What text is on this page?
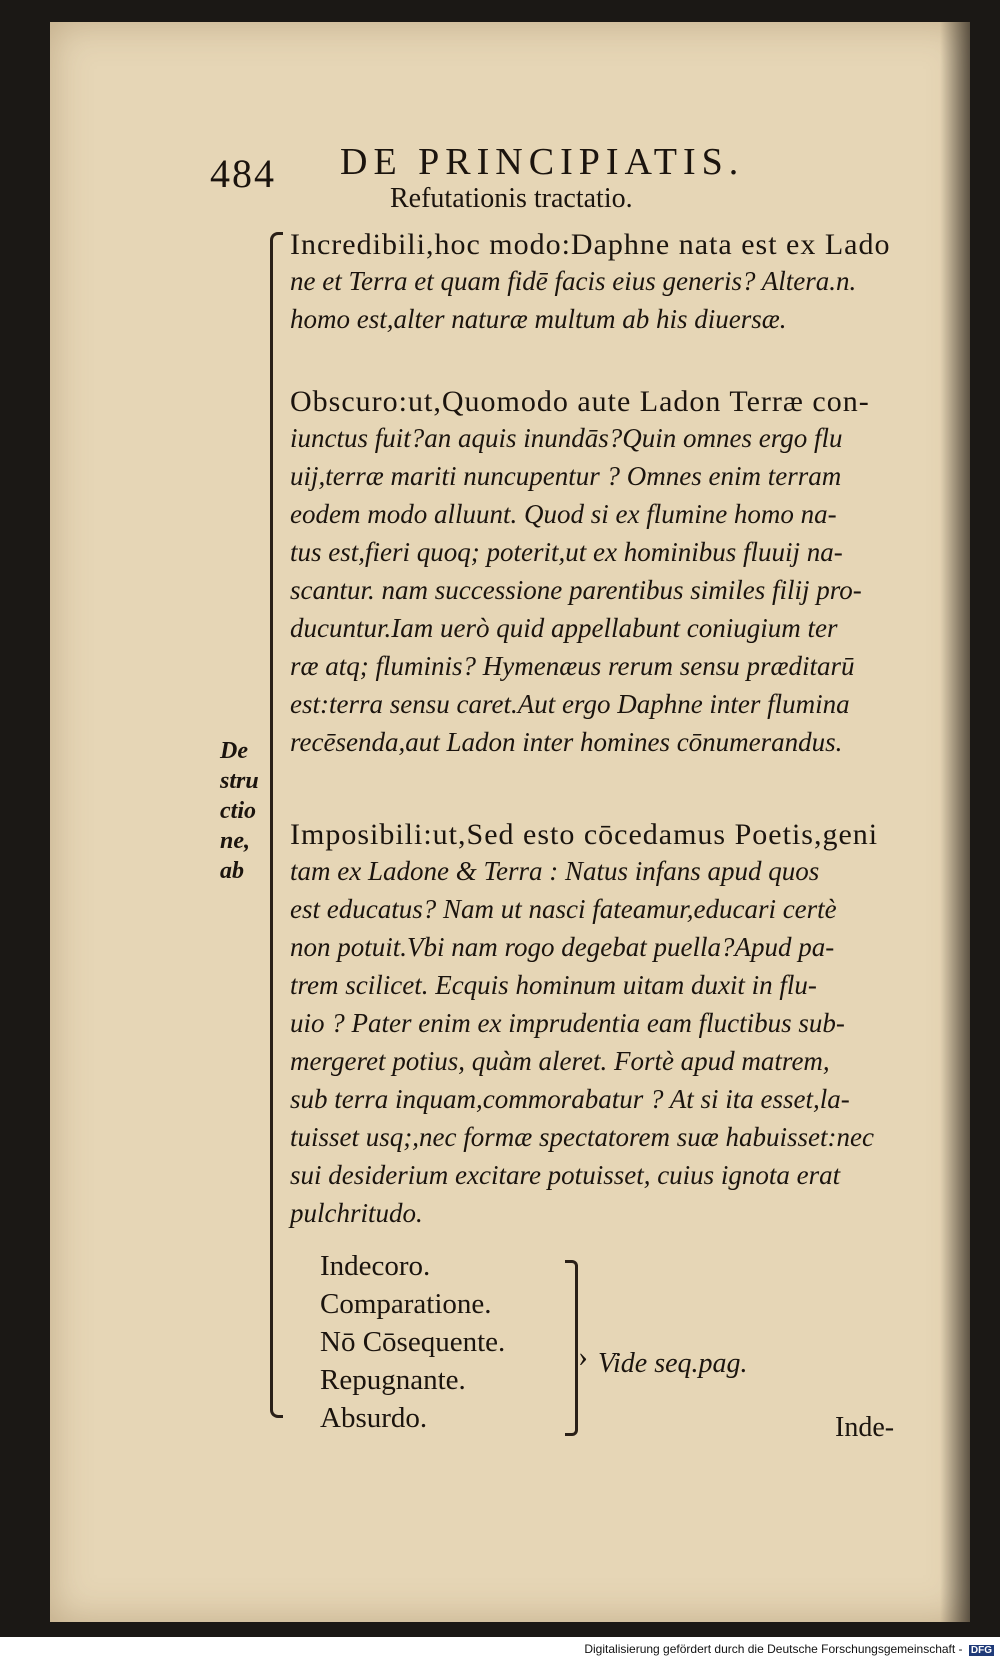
484 DE PRINCIPIATIS.
Refutationis tractatio.
Incredibili,hoc modo:Daphne nata est ex Lado
ne et Terra et quam fidē facis eius generis? Altera.n.
homo est,alter naturæ multum ab his diuersæ.
Obscuro:ut,Quomodo aute Ladon Terræ con-
iunctus fuit?an aquis inundās?Quin omnes ergo flu
uij,terræ mariti nuncupentur ? Omnes enim terram
eodem modo alluunt. Quod si ex flumine homo na-
tus est,fieri quoq; poterit,ut ex hominibus fluuij na-
scantur. nam successione parentibus similes filij pro-
ducuntur.Iam uerò quid appellabunt coniugium ter
ræ atq; fluminis? Hymenæus rerum sensu præditarū
est:terra sensu caret.Aut ergo Daphne inter flumina
recēsenda,aut Ladon inter homines cōnumerandus.
De
stru
ctio
ne,
ab
Imposibili:ut,Sed esto cōcedamus Poetis,geni
tam ex Ladone & Terra : Natus infans apud quos
est educatus? Nam ut nasci fateamur,educari certè
non potuit.Vbi nam rogo degebat puella?Apud pa-
trem scilicet. Ecquis hominum uitam duxit in flu-
uio ? Pater enim ex imprudentia eam fluctibus sub-
mergeret potius, quàm aleret. Fortè apud matrem,
sub terra inquam,commorabatur ? At si ita esset,la-
tuisset usq;,nec formæ spectatorem suæ habuisset:nec
sui desiderium excitare potuisset, cuius ignota erat
pulchritudo.
Indecoro.
Comparatione.
Nō Cōsequente.
Repugnante.
Absurdo.
› Vide seq.pag.
Inde-
Digitalisierung gefördert durch die Deutsche Forschungsgemeinschaft - DFG
